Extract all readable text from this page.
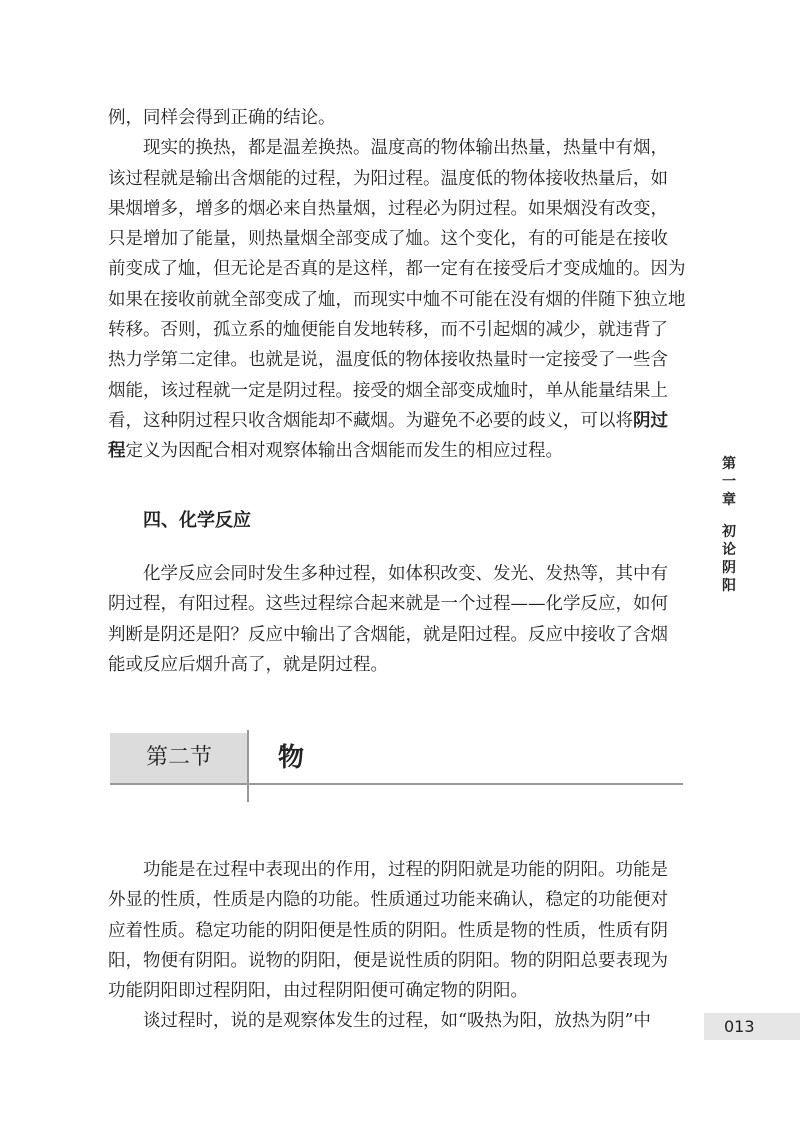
例，同样会得到正确的结论。
现实的换热，都是温差换热。温度高的物体输出热量，热量中有烟，
该过程就是输出含烟能的过程，为阳过程。温度低的物体接收热量后，如
果烟增多，增多的烟必来自热量烟，过程必为阴过程。如果烟没有改变，
只是增加了能量，则热量烟全部变成了烅。这个变化，有的可能是在接收
前变成了烅，但无论是否真的是这样，都一定有在接受后才变成烅的。因为
如果在接收前就全部变成了烅，而现实中烅不可能在没有烟的伴随下独立地
转移。否则，孤立系的烅便能自发地转移，而不引起烟的减少，就违背了
热力学第二定律。也就是说，温度低的物体接收热量时一定接受了一些含
烟能，该过程就一定是阴过程。接受的烟全部变成烅时，单从能量结果上
看，这种阴过程只收含烟能却不藏烟。为避免不必要的歧义，可以将阴过
程定义为因配合相对观察体输出含烟能而发生的相应过程。
四、化学反应
化学反应会同时发生多种过程，如体积改变、发光、发热等，其中有
阴过程，有阳过程。这些过程综合起来就是一个过程——化学反应，如何
判断是阴还是阳？反应中输出了含烟能，就是阳过程。反应中接收了含烟
能或反应后烟升高了，就是阴过程。
第二节	物
功能是在过程中表现出的作用，过程的阴阳就是功能的阴阳。功能是
外显的性质，性质是内隐的功能。性质通过功能来确认，稳定的功能便对
应着性质。稳定功能的阴阳便是性质的阴阳。性质是物的性质，性质有阴
阳，物便有阴阳。说物的阴阳，便是说性质的阴阳。物的阴阳总要表现为
功能阴阳即过程阴阳，由过程阴阳便可确定物的阴阳。
谈过程时，说的是观察体发生的过程，如“吸热为阳，放热为阴”中
第
一
章
初
论
阴
阳
013
